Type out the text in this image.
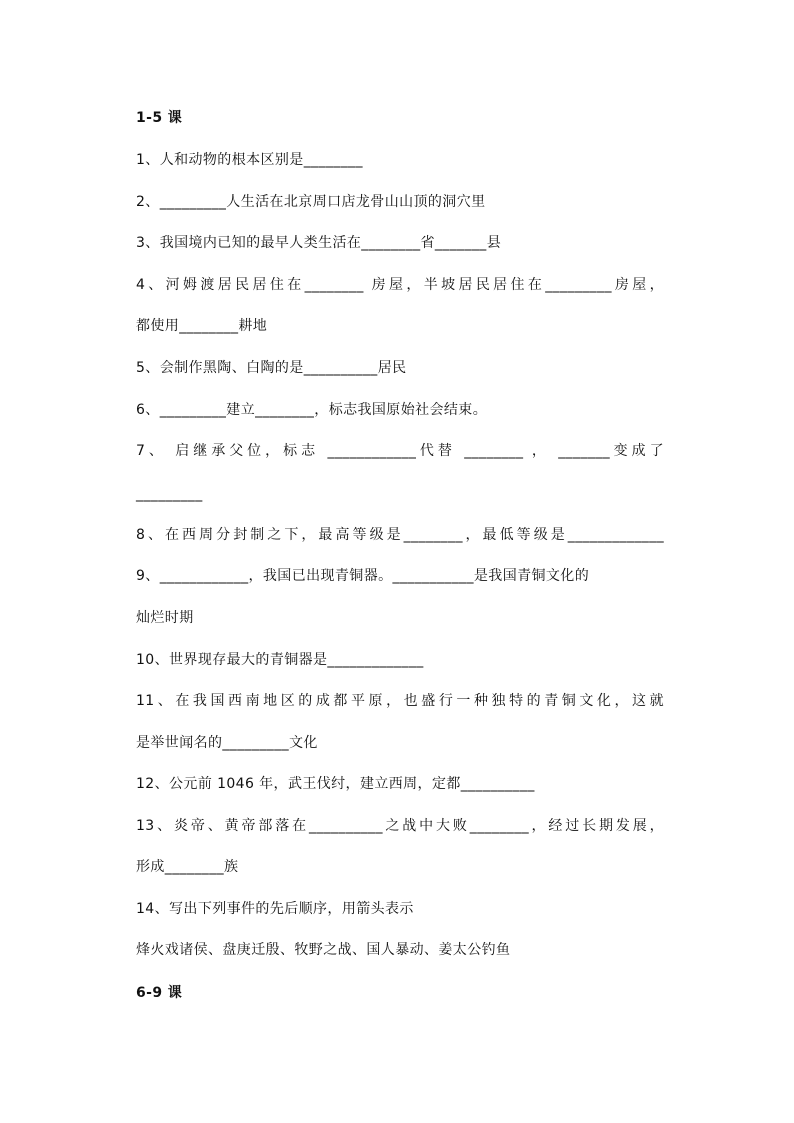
1-5 课
1、人和动物的根本区别是________
2、_________人生活在北京周口店龙骨山山顶的洞穴里
3、我国境内已知的最早人类生活在________省_______县
4、河姆渡居民居住在________ 房屋，半坡居民居住在_________房屋，
都使用________耕地
5、会制作黑陶、白陶的是__________居民
6、_________建立________，标志我国原始社会结束。
7、 启继承父位，标志 ____________代替 ________ ， _______变成了
_________
8、在西周分封制之下，最高等级是________，最低等级是_____________
9、____________，我国已出现青铜器。___________是我国青铜文化的
灿烂时期
10、世界现存最大的青铜器是_____________
11、在我国西南地区的成都平原，也盛行一种独特的青铜文化，这就
是举世闻名的_________文化
12、公元前 1046 年，武王伐纣，建立西周，定都__________
13、炎帝、黄帝部落在__________之战中大败________，经过长期发展，
形成________族
14、写出下列事件的先后顺序，用箭头表示
烽火戏诸侯、盘庚迁殷、牧野之战、国人暴动、姜太公钓鱼
6-9 课
